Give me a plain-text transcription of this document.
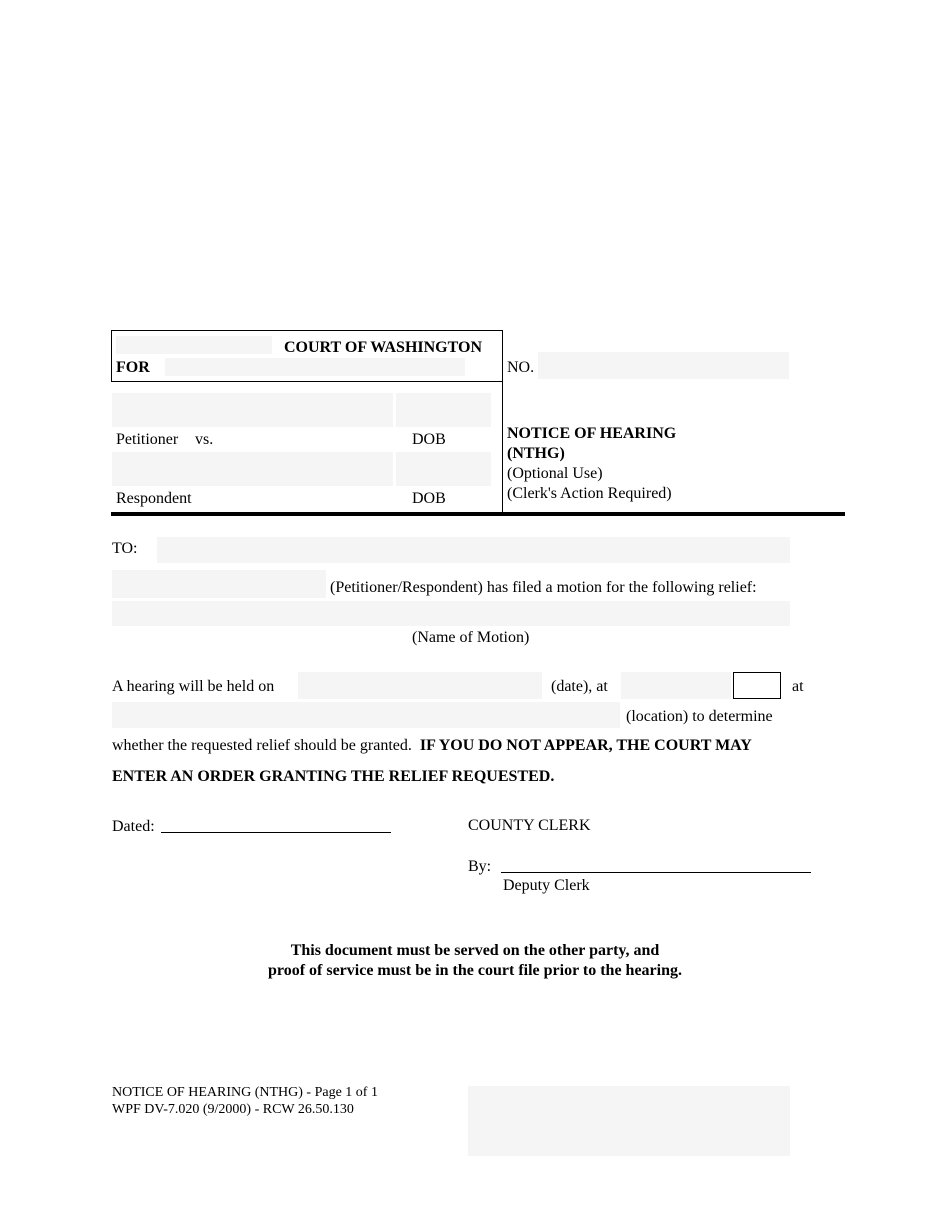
COURT OF WASHINGTON
FOR
Petitioner vs.	DOB
Respondent	DOB
NO.
NOTICE OF HEARING
(NTHG)
(Optional Use)
(Clerk's Action Required)
TO:
(Petitioner/Respondent) has filed a motion for the following relief:
(Name of Motion)
A hearing will be held on	(date), at	at
(location) to determine
whether the requested relief should be granted. IF YOU DO NOT APPEAR, THE COURT MAY
ENTER AN ORDER GRANTING THE RELIEF REQUESTED.
Dated:	COUNTY CLERK
By:
Deputy Clerk
This document must be served on the other party, and
proof of service must be in the court file prior to the hearing.
NOTICE OF HEARING (NTHG) - Page 1 of 1
WPF DV-7.020 (9/2000) - RCW 26.50.130
